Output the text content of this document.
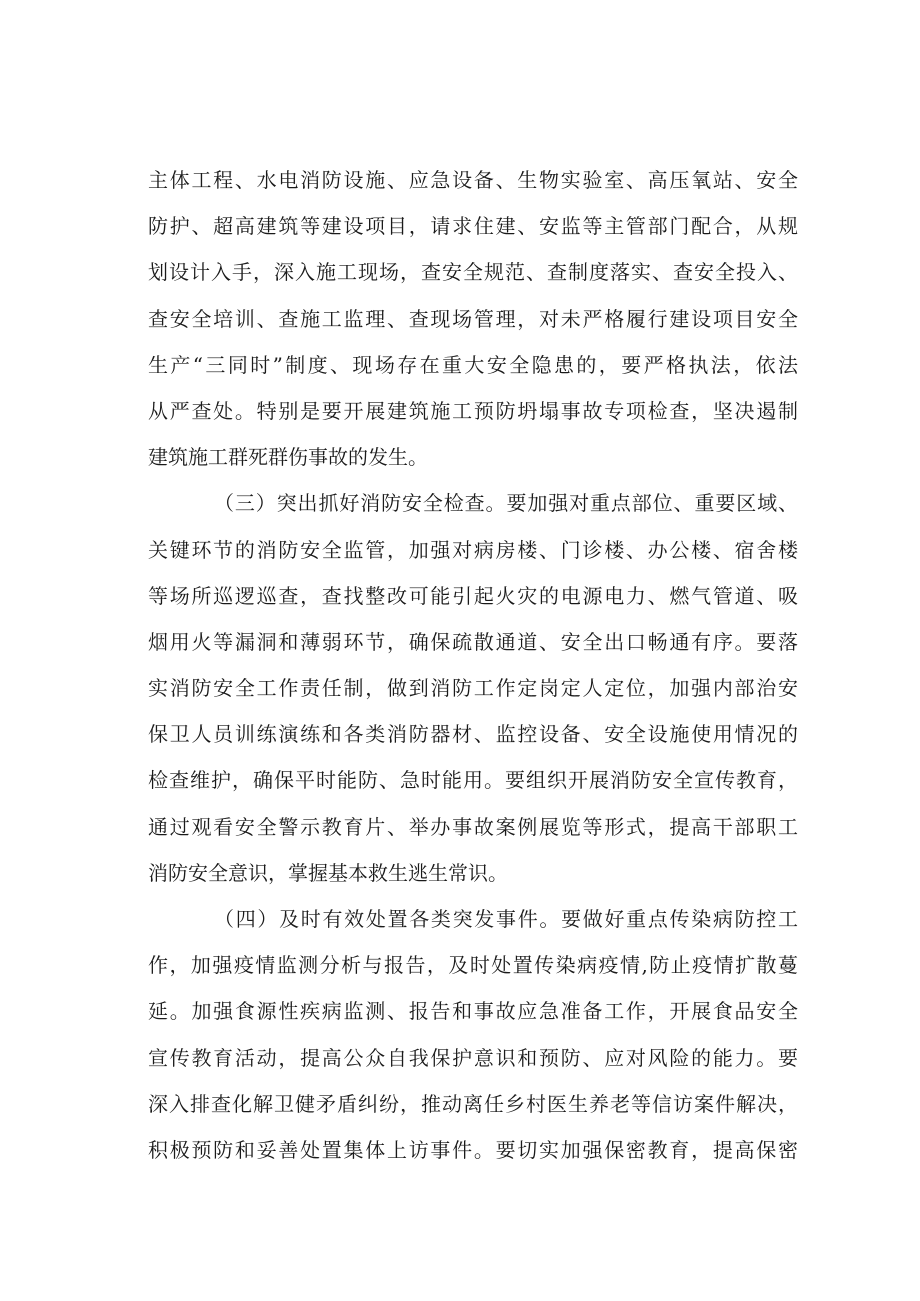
主体工程、水电消防设施、应急设备、生物实验室、高压氧站、安全
防护、超高建筑等建设项目，请求住建、安监等主管部门配合，从规
划设计入手，深入施工现场，查安全规范、查制度落实、查安全投入、
查安全培训、查施工监理、查现场管理，对未严格履行建设项目安全
生产“三同时”制度、现场存在重大安全隐患的，要严格执法，依法
从严查处。特别是要开展建筑施工预防坍塌事故专项检查，坚决遏制
建筑施工群死群伤事故的发生。
（三）突出抓好消防安全检查。要加强对重点部位、重要区域、
关键环节的消防安全监管，加强对病房楼、门诊楼、办公楼、宿舍楼
等场所巡逻巡查，查找整改可能引起火灾的电源电力、燃气管道、吸
烟用火等漏洞和薄弱环节，确保疏散通道、安全出口畅通有序。要落
实消防安全工作责任制，做到消防工作定岗定人定位，加强内部治安
保卫人员训练演练和各类消防器材、监控设备、安全设施使用情况的
检查维护，确保平时能防、急时能用。要组织开展消防安全宣传教育，
通过观看安全警示教育片、举办事故案例展览等形式，提高干部职工
消防安全意识，掌握基本救生逃生常识。
（四）及时有效处置各类突发事件。要做好重点传染病防控工
作，加强疫情监测分析与报告，及时处置传染病疫情,防止疫情扩散蔓
延。加强食源性疾病监测、报告和事故应急准备工作，开展食品安全
宣传教育活动，提高公众自我保护意识和预防、应对风险的能力。要
深入排查化解卫健矛盾纠纷，推动离任乡村医生养老等信访案件解决，
积极预防和妥善处置集体上访事件。要切实加强保密教育，提高保密
